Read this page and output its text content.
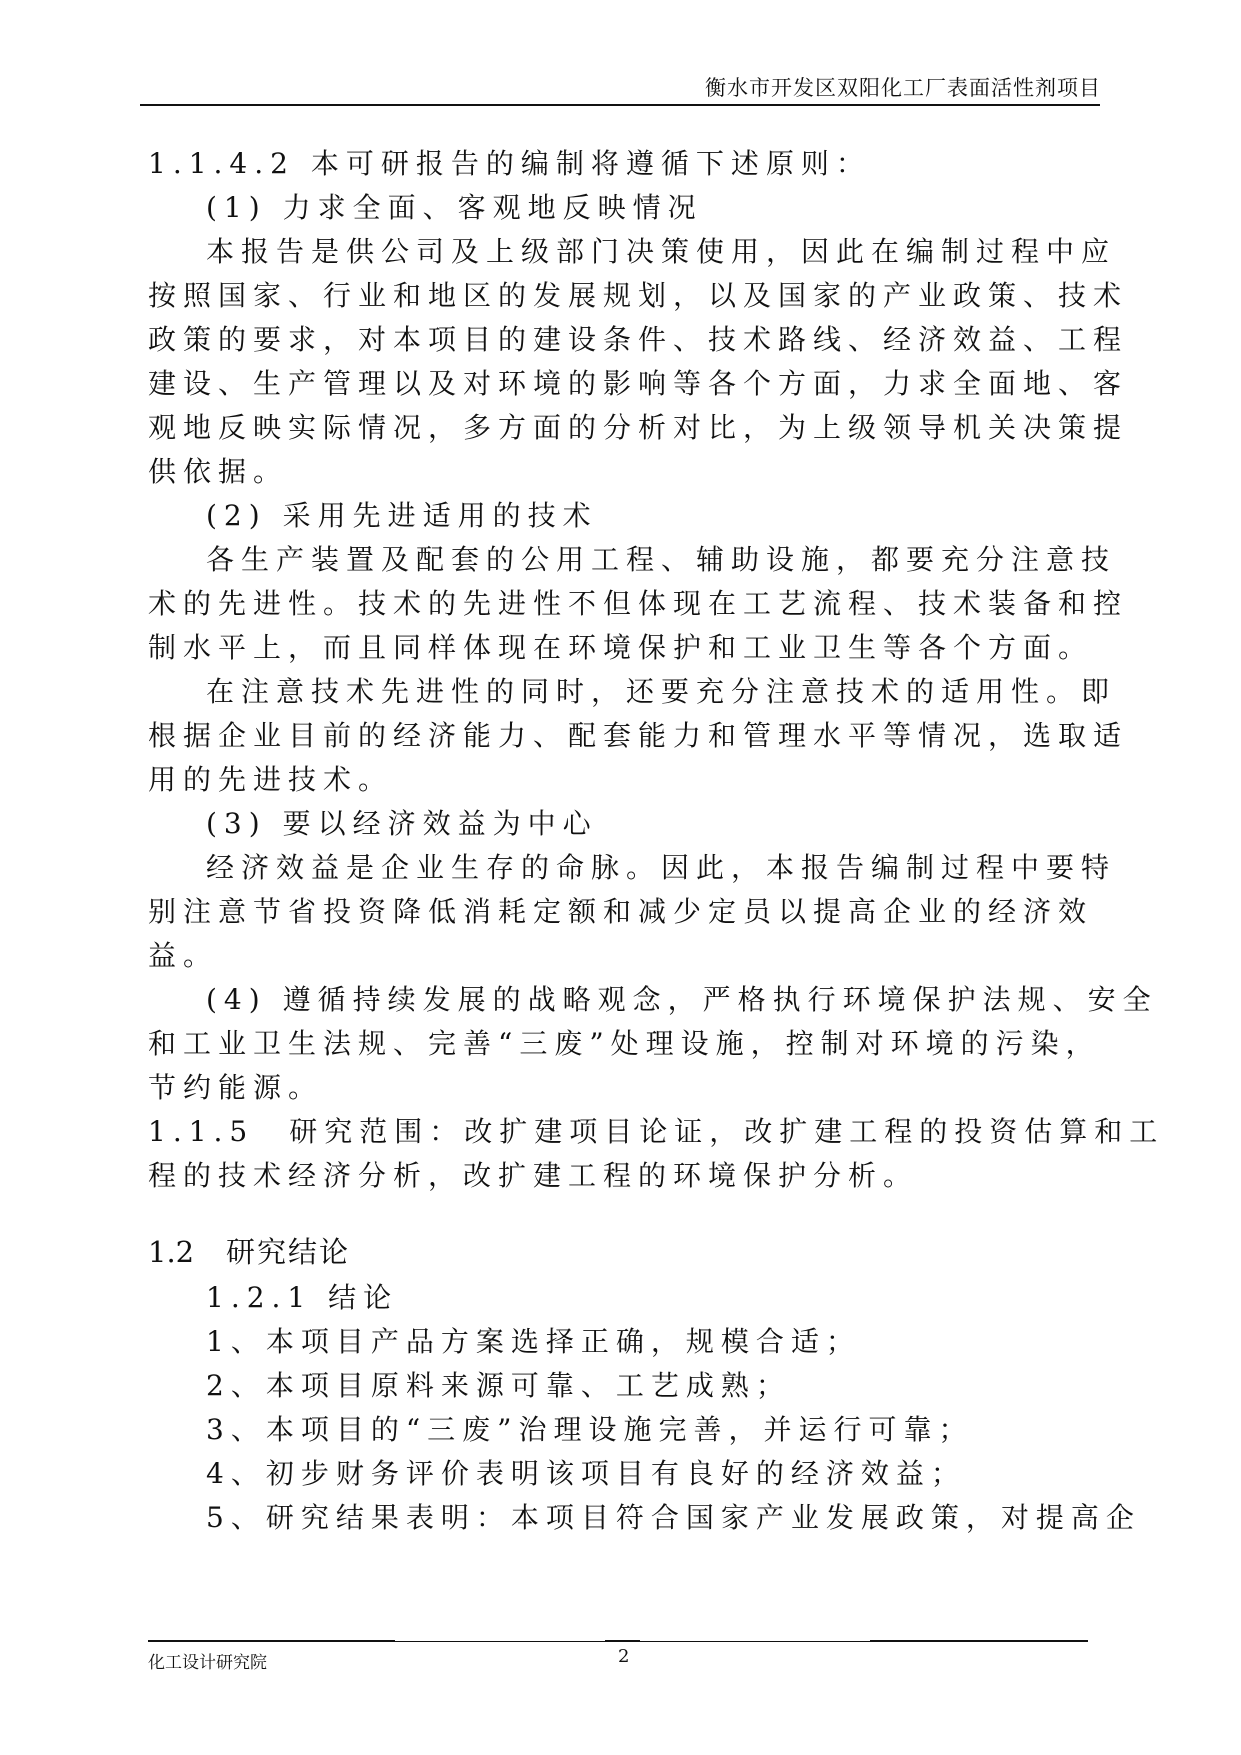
衡水市开发区双阳化工厂表面活性剂项目

1.1.4.2 本可研报告的编制将遵循下述原则：

(1) 力求全面、客观地反映情况

本报告是供公司及上级部门决策使用，因此在编制过程中应

按照国家、行业和地区的发展规划，以及国家的产业政策、技术

政策的要求，对本项目的建设条件、技术路线、经济效益、工程

建设、生产管理以及对环境的影响等各个方面，力求全面地、客

观地反映实际情况，多方面的分析对比，为上级领导机关决策提

供依据。

(2) 采用先进适用的技术

各生产装置及配套的公用工程、辅助设施，都要充分注意技

术的先进性。技术的先进性不但体现在工艺流程、技术装备和控

制水平上，而且同样体现在环境保护和工业卫生等各个方面。

在注意技术先进性的同时，还要充分注意技术的适用性。即

根据企业目前的经济能力、配套能力和管理水平等情况，选取适

用的先进技术。

(3) 要以经济效益为中心

经济效益是企业生存的命脉。因此，本报告编制过程中要特

别注意节省投资降低消耗定额和减少定员以提高企业的经济效

益。

(4) 遵循持续发展的战略观念，严格执行环境保护法规、安全

和工业卫生法规、完善“三废”处理设施，控制对环境的污染，

节约能源。

1.1.5　研究范围：改扩建项目论证，改扩建工程的投资估算和工

程的技术经济分析，改扩建工程的环境保护分析。

1.2 研究结论

1.2.1 结论

1、本项目产品方案选择正确，规模合适；

2、本项目原料来源可靠、工艺成熟；

3、本项目的“三废”治理设施完善，并运行可靠；

4、初步财务评价表明该项目有良好的经济效益；

5、研究结果表明：本项目符合国家产业发展政策，对提高企

化工设计研究院	2
